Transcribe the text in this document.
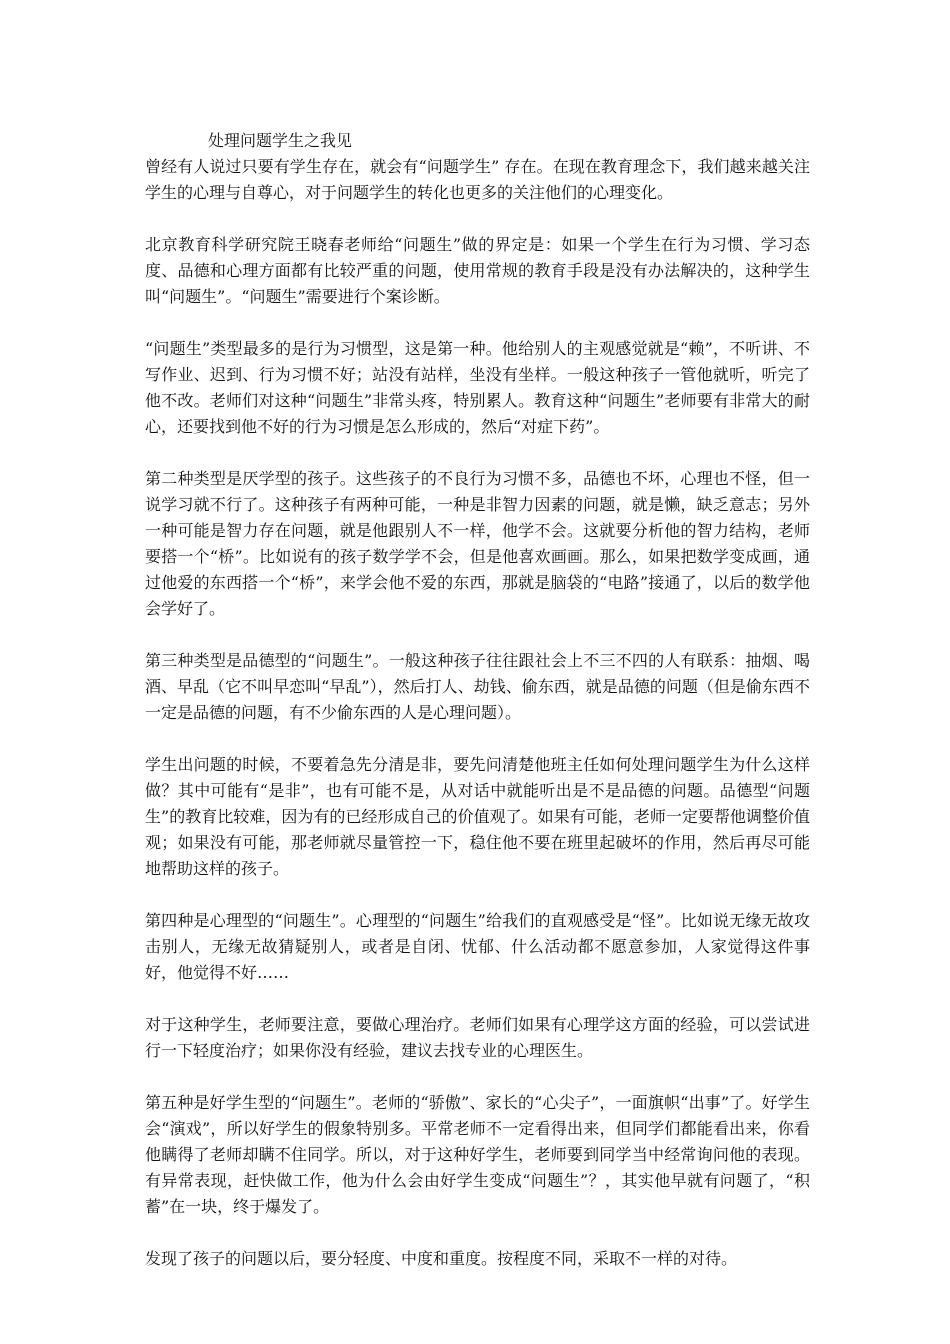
处理问题学生之我见

曾经有人说过只要有学生存在，就会有“问题学生” 存在。在现在教育理念下，我们越来越关注学生的心理与自尊心，对于问题学生的转化也更多的关注他们的心理变化。

北京教育科学研究院王晓春老师给“问题生”做的界定是：如果一个学生在行为习惯、学习态度、品德和心理方面都有比较严重的问题，使用常规的教育手段是没有办法解决的，这种学生叫“问题生”。“问题生”需要进行个案诊断。

“问题生”类型最多的是行为习惯型，这是第一种。他给别人的主观感觉就是“赖”，不听讲、不写作业、迟到、行为习惯不好；站没有站样，坐没有坐样。一般这种孩子一管他就听，听完了他不改。老师们对这种“问题生”非常头疼，特别累人。教育这种“问题生”老师要有非常大的耐心，还要找到他不好的行为习惯是怎么形成的，然后“对症下药”。

第二种类型是厌学型的孩子。这些孩子的不良行为习惯不多，品德也不坏，心理也不怪，但一说学习就不行了。这种孩子有两种可能，一种是非智力因素的问题，就是懒，缺乏意志；另外一种可能是智力存在问题，就是他跟别人不一样，他学不会。这就要分析他的智力结构，老师要搭一个“桥”。比如说有的孩子数学学不会，但是他喜欢画画。那么，如果把数学变成画，通过他爱的东西搭一个“桥”，来学会他不爱的东西，那就是脑袋的“电路”接通了，以后的数学他会学好了。

第三种类型是品德型的“问题生”。一般这种孩子往往跟社会上不三不四的人有联系：抽烟、喝酒、早乱（它不叫早恋叫“早乱”），然后打人、劫钱、偷东西，就是品德的问题（但是偷东西不一定是品德的问题，有不少偷东西的人是心理问题）。

学生出问题的时候，不要着急先分清是非，要先问清楚他班主任如何处理问题学生为什么这样做？其中可能有“是非”，也有可能不是，从对话中就能听出是不是品德的问题。品德型“问题生”的教育比较难，因为有的已经形成自己的价值观了。如果有可能，老师一定要帮他调整价值观；如果没有可能，那老师就尽量管控一下，稳住他不要在班里起破坏的作用，然后再尽可能地帮助这样的孩子。

第四种是心理型的“问题生”。心理型的“问题生”给我们的直观感受是“怪”。比如说无缘无故攻击别人，无缘无故猜疑别人，或者是自闭、忧郁、什么活动都不愿意参加，人家觉得这件事好，他觉得不好……

对于这种学生，老师要注意，要做心理治疗。老师们如果有心理学这方面的经验，可以尝试进行一下轻度治疗；如果你没有经验，建议去找专业的心理医生。

第五种是好学生型的“问题生”。老师的“骄傲”、家长的“心尖子”，一面旗帜“出事”了。好学生会“演戏”，所以好学生的假象特别多。平常老师不一定看得出来，但同学们都能看出来，你看他瞒得了老师却瞒不住同学。所以，对于这种好学生，老师要到同学当中经常询问他的表现。有异常表现，赶快做工作，他为什么会由好学生变成“问题生”？，其实他早就有问题了，“积蓄”在一块，终于爆发了。

发现了孩子的问题以后，要分轻度、中度和重度。按程度不同，采取不一样的对待。
